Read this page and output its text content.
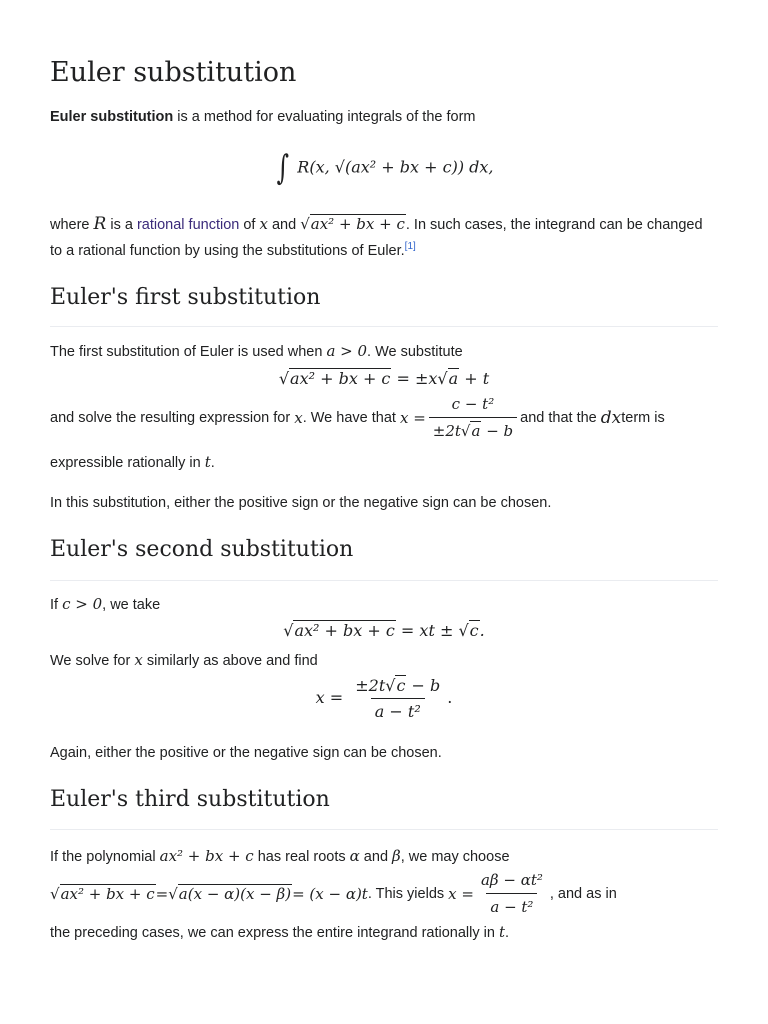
Euler substitution
Euler substitution is a method for evaluating integrals of the form
∫ R(x, √(ax² + bx + c)) dx,
where R is a rational function of x and √ax² + bx + c. In such cases, the integrand can be changed to a rational function by using the substitutions of Euler.[1]
Euler's first substitution
The first substitution of Euler is used when a > 0. We substitute
√ax² + bx + c = ±x√a + t
and solve the resulting expression for
x . We have that
$x = \frac{\text{c − t²}}{\pm 2t√a - b}$ and that the
dx term is
expressible rationally in t.
In this substitution, either the positive sign or the negative sign can be chosen.
Euler's second substitution
If c > 0, we take
√ax² + bx + c = xt ± √c.
We solve for x similarly as above and find
$x = \frac{\pm 2t√c - b}{\text{a − t²}}$ .
Again, either the positive or the negative sign can be chosen.
Euler's third substitution
If the polynomial ax² + bx + c has real roots α and β, we may choose
√ax² + bx + c = √a(x − α)(x − β) = (x − α)t . This yields
$x = \frac{\text{aβ − αt²}}{\text{a − t²}}$ , and as in
the preceding cases, we can express the entire integrand rationally in t.
